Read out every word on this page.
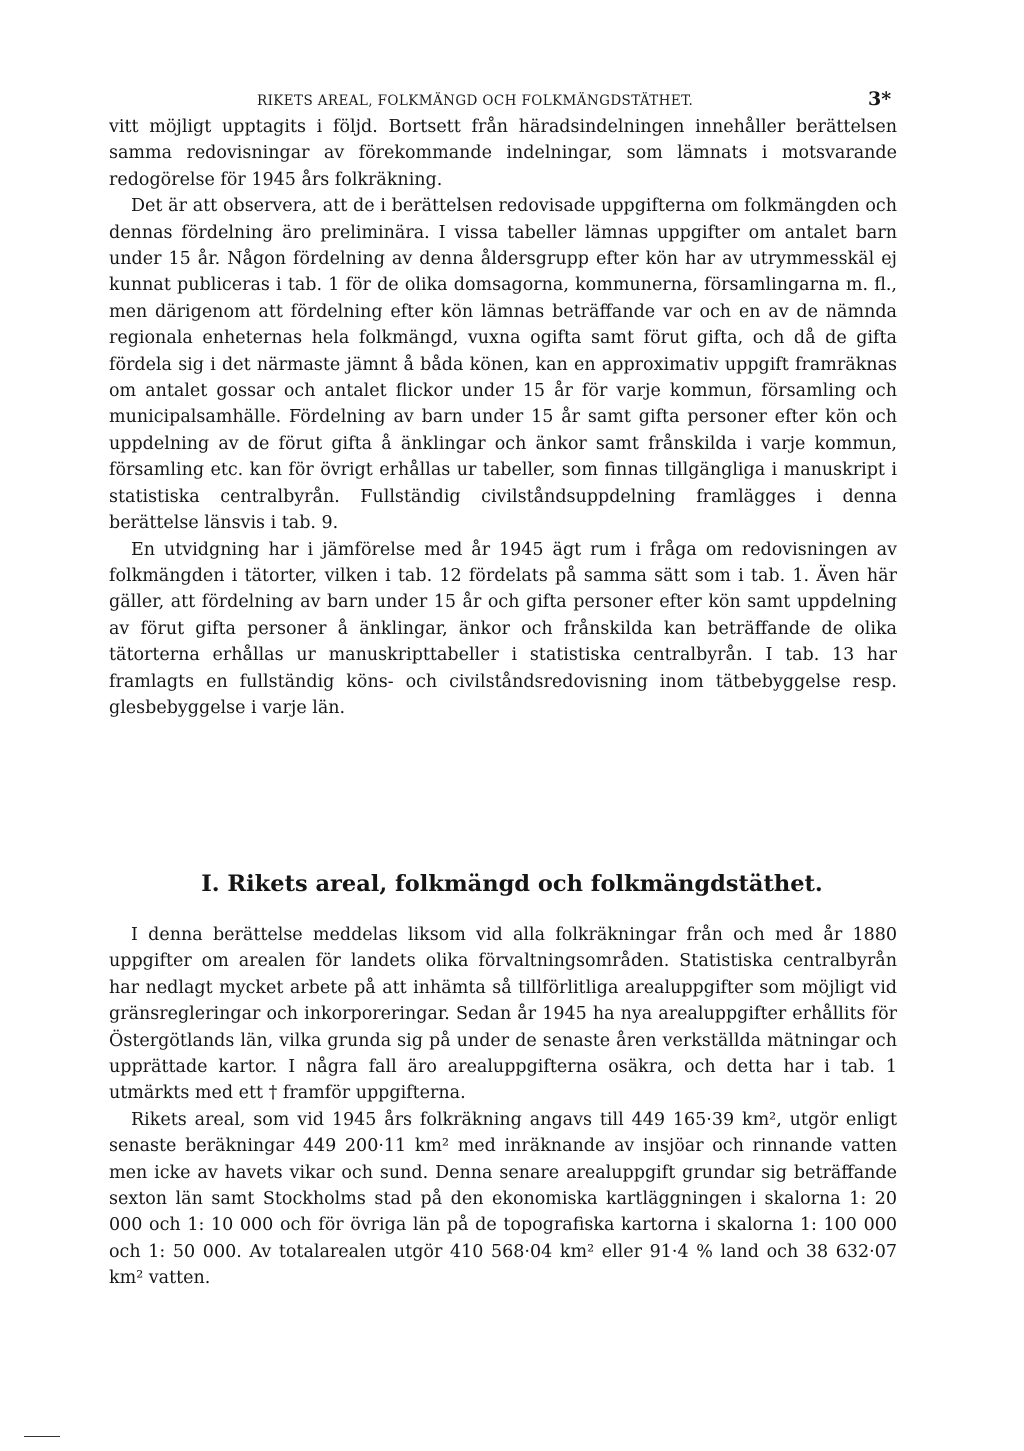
RIKETS AREAL, FOLKMÄNGD OCH FOLKMÄNGDSTÄTHET.	3*

vitt möjligt upptagits i följd. Bortsett från häradsindelningen innehåller berättelsen samma redovisningar av förekommande indelningar, som lämnats i motsvarande redogörelse för 1945 års folkräkning.

Det är att observera, att de i berättelsen redovisade uppgifterna om folkmängden och dennas fördelning äro preliminära. I vissa tabeller lämnas uppgifter om antalet barn under 15 år. Någon fördelning av denna åldersgrupp efter kön har av utrymmesskäl ej kunnat publiceras i tab. 1 för de olika domsagorna, kommunerna, församlingarna m. fl., men därigenom att fördelning efter kön lämnas beträffande var och en av de nämnda regionala enheternas hela folkmängd, vuxna ogifta samt förut gifta, och då de gifta fördela sig i det närmaste jämnt å båda könen, kan en approximativ uppgift framräknas om antalet gossar och antalet flickor under 15 år för varje kommun, församling och municipalsamhälle. Fördelning av barn under 15 år samt gifta personer efter kön och uppdelning av de förut gifta å änklingar och änkor samt frånskilda i varje kommun, församling etc. kan för övrigt erhållas ur tabeller, som finnas tillgängliga i manuskript i statistiska centralbyrån. Fullständig civilståndsuppdelning framlägges i denna berättelse länsvis i tab. 9.

En utvidgning har i jämförelse med år 1945 ägt rum i fråga om redovisningen av folkmängden i tätorter, vilken i tab. 12 fördelats på samma sätt som i tab. 1. Även här gäller, att fördelning av barn under 15 år och gifta personer efter kön samt uppdelning av förut gifta personer å änklingar, änkor och frånskilda kan beträffande de olika tätorterna erhållas ur manuskripttabeller i statistiska centralbyrån. I tab. 13 har framlagts en fullständig köns- och civilståndsredovisning inom tätbebyggelse resp. glesbebyggelse i varje län.

I. Rikets areal, folkmängd och folkmängdstäthet.

I denna berättelse meddelas liksom vid alla folkräkningar från och med år 1880 uppgifter om arealen för landets olika förvaltningsområden. Statistiska centralbyrån har nedlagt mycket arbete på att inhämta så tillförlitliga arealuppgifter som möjligt vid gränsregleringar och inkorporeringar. Sedan år 1945 ha nya arealuppgifter erhållits för Östergötlands län, vilka grunda sig på under de senaste åren verkställda mätningar och upprättade kartor. I några fall äro arealuppgifterna osäkra, och detta har i tab. 1 utmärkts med ett † framför uppgifterna.

Rikets areal, som vid 1945 års folkräkning angavs till 449 165·39 km², utgör enligt senaste beräkningar 449 200·11 km² med inräknande av insjöar och rinnande vatten men icke av havets vikar och sund. Denna senare arealuppgift grundar sig beträffande sexton län samt Stockholms stad på den ekonomiska kartläggningen i skalorna 1: 20 000 och 1: 10 000 och för övriga län på de topografiska kartorna i skalorna 1: 100 000 och 1: 50 000. Av totalarealen utgör 410 568·04 km² eller 91·4 % land och 38 632·07 km² vatten.
